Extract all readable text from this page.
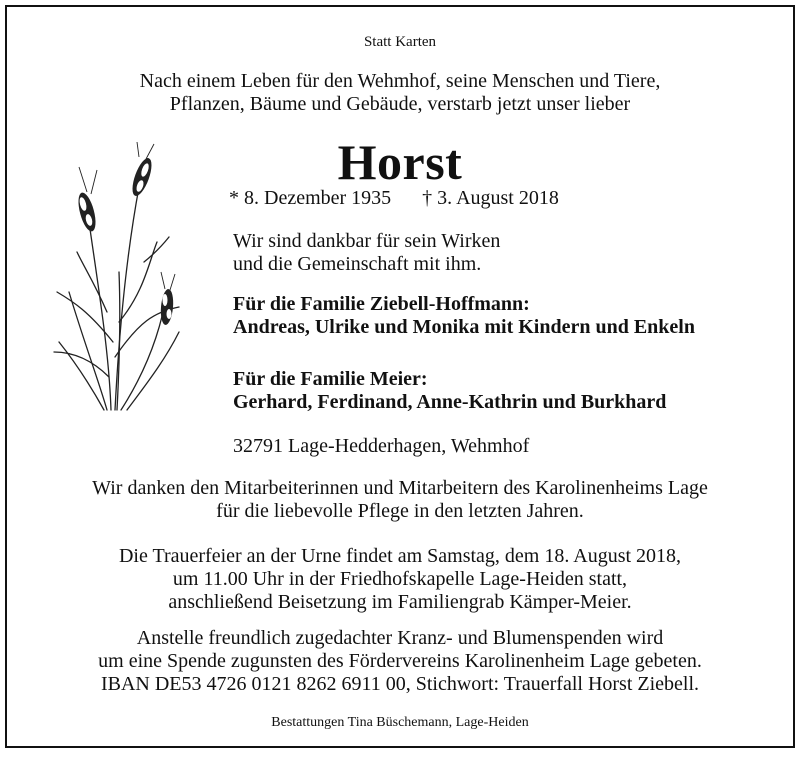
Statt Karten
Nach einem Leben für den Wehmhof, seine Menschen und Tiere,
Pflanzen, Bäume und Gebäude, verstarb jetzt unser lieber
Horst
* 8. Dezember 1935 † 3. August 2018
Wir sind dankbar für sein Wirken
und die Gemeinschaft mit ihm.
Für die Familie Ziebell-Hoffmann:
Andreas, Ulrike und Monika mit Kindern und Enkeln
Für die Familie Meier:
Gerhard, Ferdinand, Anne-Kathrin und Burkhard
32791 Lage-Hedderhagen, Wehmhof
Wir danken den Mitarbeiterinnen und Mitarbeitern des Karolinenheims Lage
für die liebevolle Pflege in den letzten Jahren.
Die Trauerfeier an der Urne findet am Samstag, dem 18. August 2018,
um 11.00 Uhr in der Friedhofskapelle Lage-Heiden statt,
anschließend Beisetzung im Familiengrab Kämper-Meier.
Anstelle freundlich zugedachter Kranz- und Blumenspenden wird
um eine Spende zugunsten des Fördervereins Karolinenheim Lage gebeten.
IBAN DE53 4726 0121 8262 6911 00, Stichwort: Trauerfall Horst Ziebell.
Bestattungen Tina Büschemann, Lage-Heiden
